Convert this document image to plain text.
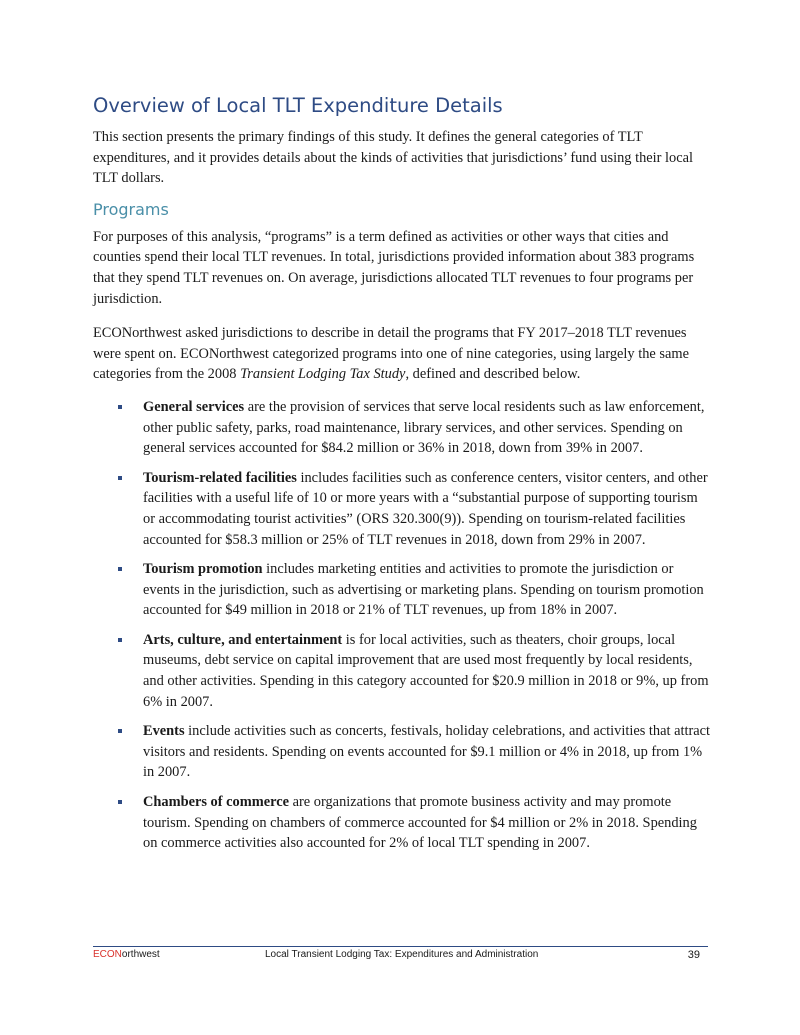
Overview of Local TLT Expenditure Details

This section presents the primary findings of this study. It defines the general categories of TLT expenditures, and it provides details about the kinds of activities that jurisdictions’ fund using their local TLT dollars.

Programs

For purposes of this analysis, “programs” is a term defined as activities or other ways that cities and counties spend their local TLT revenues. In total, jurisdictions provided information about 383 programs that they spend TLT revenues on. On average, jurisdictions allocated TLT revenues to four programs per jurisdiction.

ECONorthwest asked jurisdictions to describe in detail the programs that FY 2017–2018 TLT revenues were spent on. ECONorthwest categorized programs into one of nine categories, using largely the same categories from the 2008 Transient Lodging Tax Study, defined and described below.

General services are the provision of services that serve local residents such as law enforcement, other public safety, parks, road maintenance, library services, and other services. Spending on general services accounted for $84.2 million or 36% in 2018, down from 39% in 2007.
Tourism-related facilities includes facilities such as conference centers, visitor centers, and other facilities with a useful life of 10 or more years with a “substantial purpose of supporting tourism or accommodating tourist activities” (ORS 320.300(9)). Spending on tourism-related facilities accounted for $58.3 million or 25% of TLT revenues in 2018, down from 29% in 2007.
Tourism promotion includes marketing entities and activities to promote the jurisdiction or events in the jurisdiction, such as advertising or marketing plans. Spending on tourism promotion accounted for $49 million in 2018 or 21% of TLT revenues, up from 18% in 2007.
Arts, culture, and entertainment is for local activities, such as theaters, choir groups, local museums, debt service on capital improvement that are used most frequently by local residents, and other activities. Spending in this category accounted for $20.9 million in 2018 or 9%, up from 6% in 2007.
Events include activities such as concerts, festivals, holiday celebrations, and activities that attract visitors and residents. Spending on events accounted for $9.1 million or 4% in 2018, up from 1% in 2007.
Chambers of commerce are organizations that promote business activity and may promote tourism. Spending on chambers of commerce accounted for $4 million or 2% in 2018. Spending on commerce activities also accounted for 2% of local TLT spending in 2007.
ECONorthwest	Local Transient Lodging Tax: Expenditures and Administration	39
